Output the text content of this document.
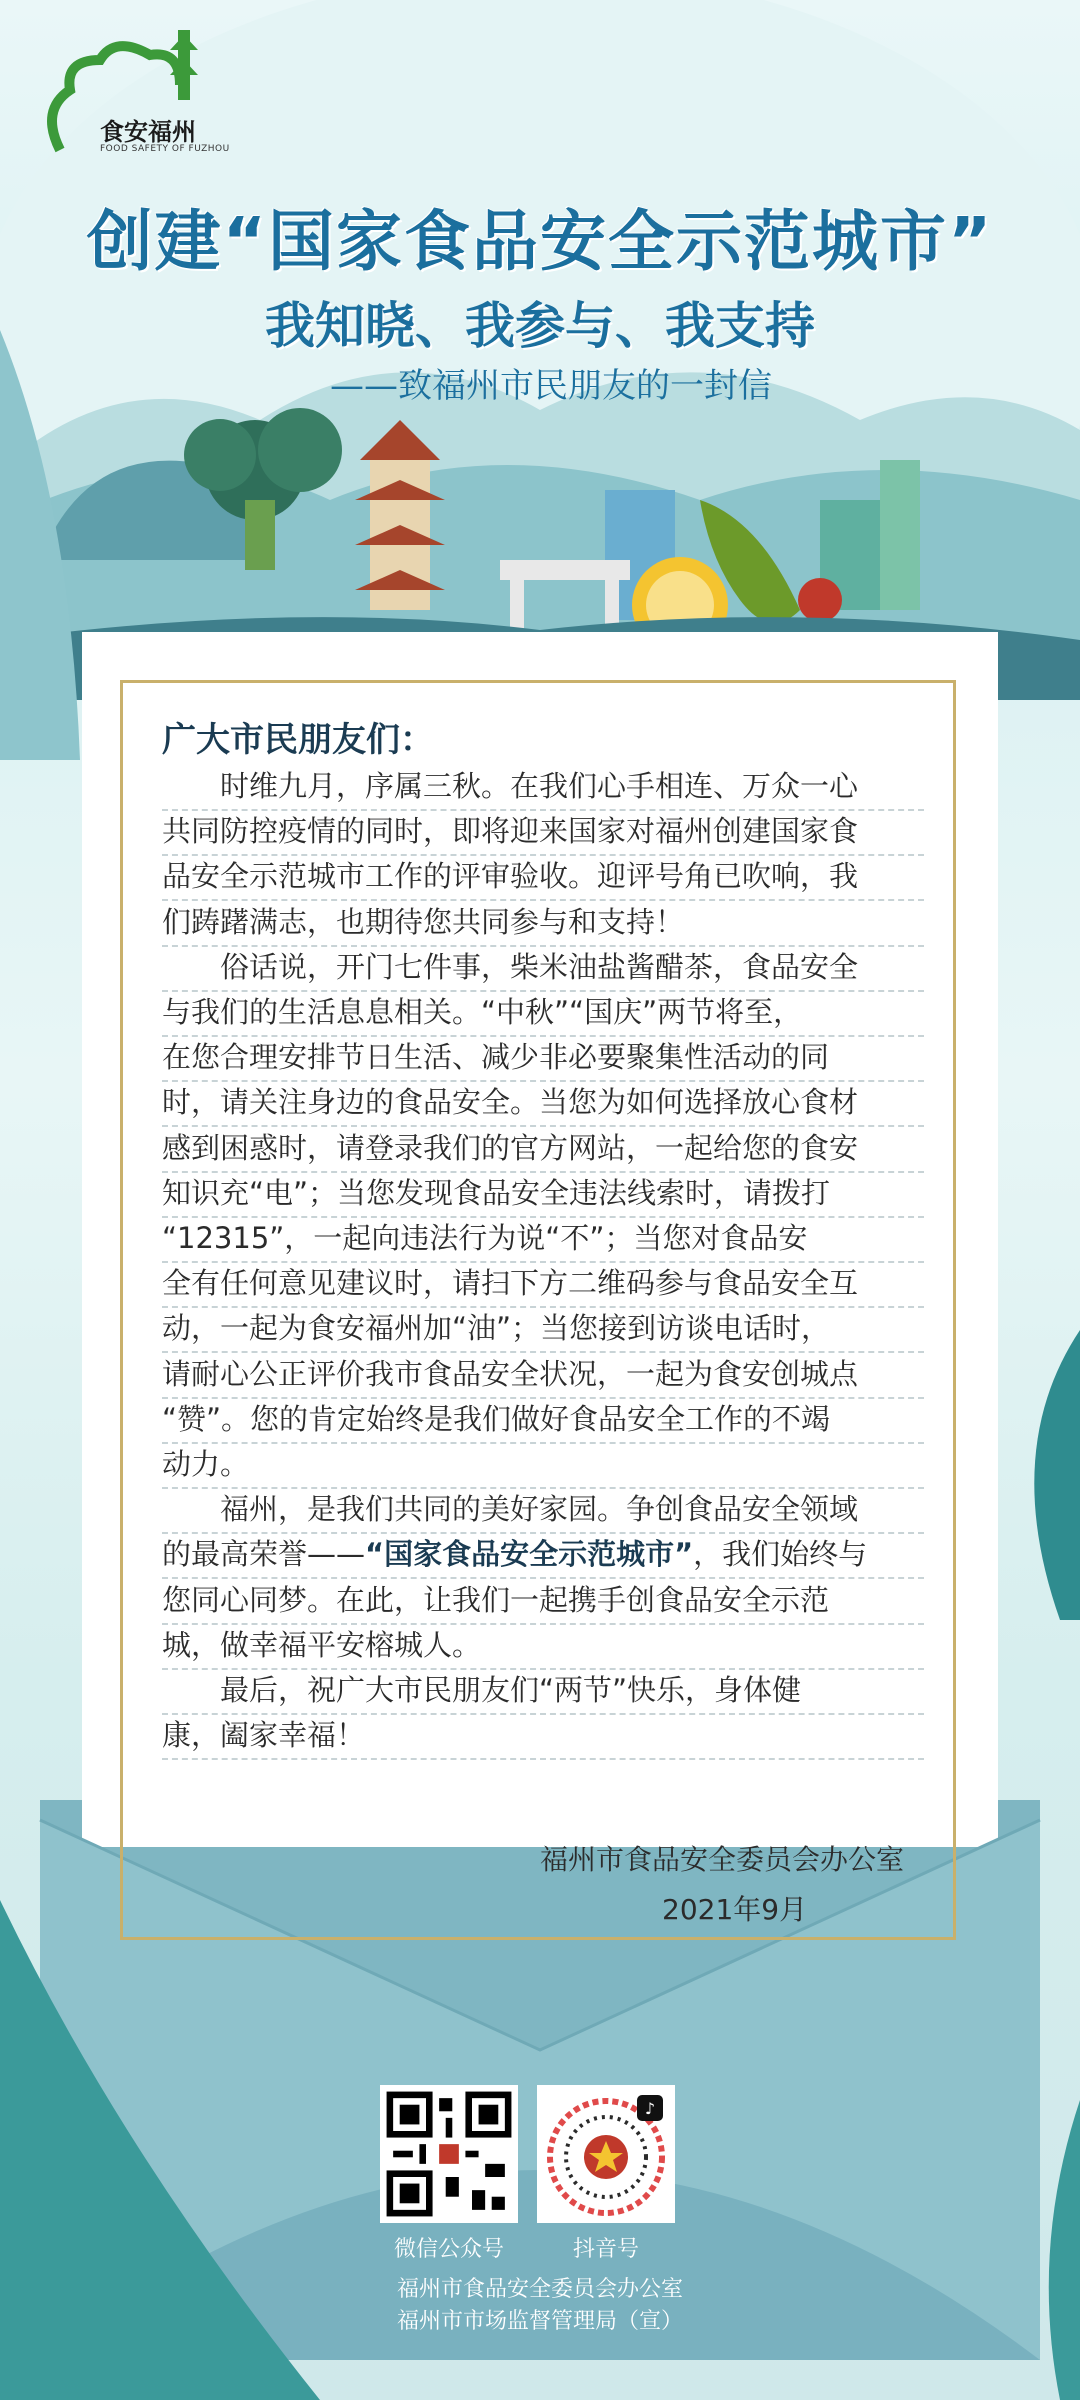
食安福州
FOOD SAFETY OF FUZHOU
创建“国家食品安全示范城市”
我知晓、我参与、我支持
——致福州市民朋友的一封信
广大市民朋友们：
　　时维九月，序属三秋。在我们心手相连、万众一心
共同防控疫情的同时，即将迎来国家对福州创建国家食
品安全示范城市工作的评审验收。迎评号角已吹响，我
们踌躇满志，也期待您共同参与和支持！
　　俗话说，开门七件事，柴米油盐酱醋茶，食品安全
与我们的生活息息相关。“中秋”“国庆”两节将至，
在您合理安排节日生活、减少非必要聚集性活动的同
时，请关注身边的食品安全。当您为如何选择放心食材
感到困惑时，请登录我们的官方网站，一起给您的食安
知识充“电”；当您发现食品安全违法线索时，请拨打
“12315”，一起向违法行为说“不”；当您对食品安
全有任何意见建议时，请扫下方二维码参与食品安全互
动，一起为食安福州加“油”；当您接到访谈电话时，
请耐心公正评价我市食品安全状况，一起为食安创城点
“赞”。您的肯定始终是我们做好食品安全工作的不竭
动力。
　　福州，是我们共同的美好家园。争创食品安全领域
的最高荣誉——“国家食品安全示范城市”，我们始终与
您同心同梦。在此，让我们一起携手创食品安全示范
城，做幸福平安榕城人。
　　最后，祝广大市民朋友们“两节”快乐，身体健
康，阖家幸福！
福州市食品安全委员会办公室
2021年9月
♪
微信公众号	抖音号
福州市食品安全委员会办公室
福州市市场监督管理局（宣）
